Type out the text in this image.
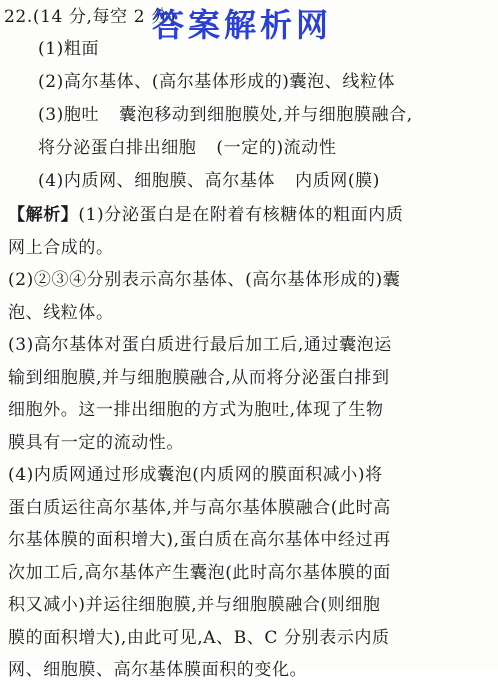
22.(14 分,每空 2 分)
答案解析网
(1)粗面
(2)高尔基体、(高尔基体形成的)囊泡、线粒体
(3)胞吐 囊泡移动到细胞膜处,并与细胞膜融合,
将分泌蛋白排出细胞 (一定的)流动性
(4)内质网、细胞膜、高尔基体 内质网(膜)
【解析】(1)分泌蛋白是在附着有核糖体的粗面内质
网上合成的。
(2)②③④分别表示高尔基体、(高尔基体形成的)囊
泡、线粒体。
(3)高尔基体对蛋白质进行最后加工后,通过囊泡运
输到细胞膜,并与细胞膜融合,从而将分泌蛋白排到
细胞外。这一排出细胞的方式为胞吐,体现了生物
膜具有一定的流动性。
(4)内质网通过形成囊泡(内质网的膜面积减小)将
蛋白质运往高尔基体,并与高尔基体膜融合(此时高
尔基体膜的面积增大),蛋白质在高尔基体中经过再
次加工后,高尔基体产生囊泡(此时高尔基体膜的面
积又减小)并运往细胞膜,并与细胞膜融合(则细胞
膜的面积增大),由此可见,A、B、C 分别表示内质
网、细胞膜、高尔基体膜面积的变化。
